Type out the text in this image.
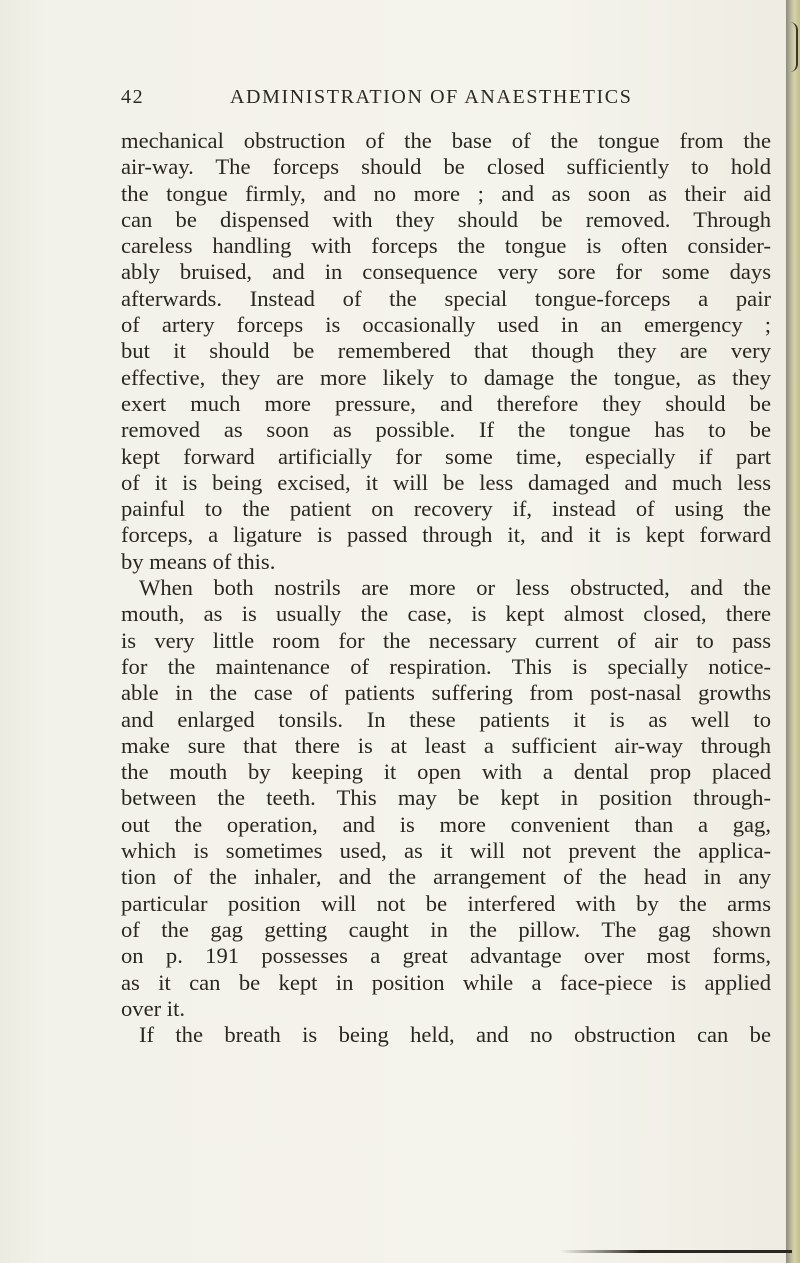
42	ADMINISTRATION OF ANAESTHETICS
mechanical obstruction of the base of the tongue from the
air-way. The forceps should be closed sufficiently to hold
the tongue firmly, and no more ; and as soon as their aid
can be dispensed with they should be removed. Through
careless handling with forceps the tongue is often consider-
ably bruised, and in consequence very sore for some days
afterwards. Instead of the special tongue-forceps a pair
of artery forceps is occasionally used in an emergency ;
but it should be remembered that though they are very
effective, they are more likely to damage the tongue, as they
exert much more pressure, and therefore they should be
removed as soon as possible. If the tongue has to be
kept forward artificially for some time, especially if part
of it is being excised, it will be less damaged and much less
painful to the patient on recovery if, instead of using the
forceps, a ligature is passed through it, and it is kept forward
by means of this.
When both nostrils are more or less obstructed, and the
mouth, as is usually the case, is kept almost closed, there
is very little room for the necessary current of air to pass
for the maintenance of respiration. This is specially notice-
able in the case of patients suffering from post-nasal growths
and enlarged tonsils. In these patients it is as well to
make sure that there is at least a sufficient air-way through
the mouth by keeping it open with a dental prop placed
between the teeth. This may be kept in position through-
out the operation, and is more convenient than a gag,
which is sometimes used, as it will not prevent the applica-
tion of the inhaler, and the arrangement of the head in any
particular position will not be interfered with by the arms
of the gag getting caught in the pillow. The gag shown
on p. 191 possesses a great advantage over most forms,
as it can be kept in position while a face-piece is applied
over it.
If the breath is being held, and no obstruction can be
